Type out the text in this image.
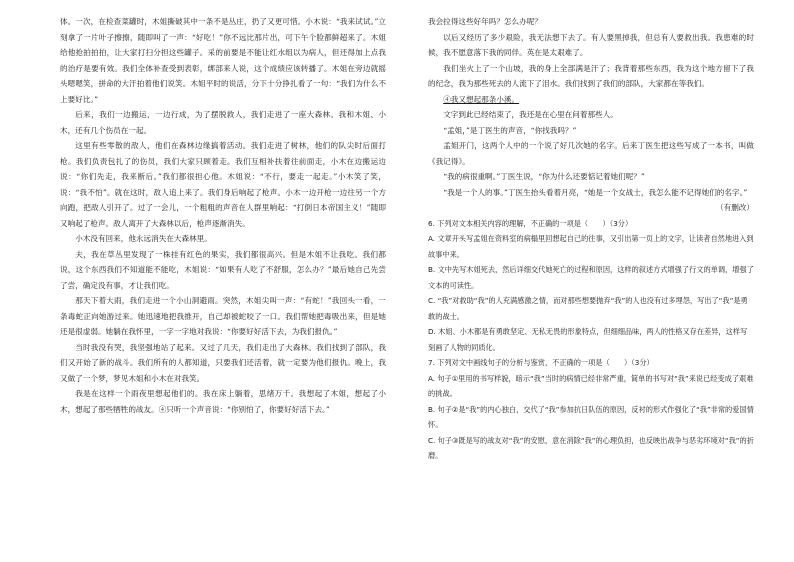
体。一次，在检查菜罐时，木姐撕破其中一条不是丛庄，扔了又更可惜。小木说：“我来试试。”立刻拿了一片叶子擦擦，随即叫了一声：“好吃！”你不远比那片出，可下午个脸都鲜超来了。木姐给他抢拍拍拍，让大家打扫分担这些罐子。采的前要是不能让红水组以为病人，但还得加上点我的治疗是要有效。我们全体补查受到表彰，绑部来人说，这个成绩应该转播了。木姐在旁边就摇头嗯嗯笑，拼命的大汗拍着他们说笑。木姐平时的说活，分下十分挣扎看了一句：“我们为什么不上要好比。”

后来，我们一边搬运，一边行成，为了摆脱救人，我们走进了一座大森林。我和木姐、小木，还有几个伤员在一起。

这里有些零散的敌人，他们在森林边缘搞着活动。我们走进了树林，他们的队尖时后面打枪。我们负责包扎了的伤员，我们大家只顾着走。我们互相补扶着往前面走，小木在边搬运边说：“你们先走，我来断后。”我们都很担心他。木姐说：“不行，要走一起走。”小木笑了笑，说：“我不怕”。就在这时，敌人追上来了。我们身后响起了枪声。小木一边开枪一边往另一个方向跑，把敌人引开了。过了一会儿，一个粗粗的声音在人群里响起：“打倒日本帝国主义！”随即又响起了枪声。敌人离开了大森林以后，枪声逐渐消失。

小木没有回来，他永远消失在大森林里。

夫，我在草丛里发现了一株挂有红色的果实，我们都很高兴。但是木姐不让我吃。我们都说，这个东西我们不知道能不能吃，木姐说：“如果有人吃了不舒服，怎么办？”最后她自己先尝了尝，确定没有事，才让我们吃。

那天下着大雨，我们走进一个小山洞避雨。突然，木姐尖叫一声：“有蛇！”我回头一看，一条毒蛇正向她游过来。她迅速地把我推开，自己却被蛇咬了一口。我们帮她把毒吸出来，但是她还是很虚弱。她躺在我怀里，一字一字地对我说：“你要好好活下去，为我们报仇。”

当时我没有哭，我坚强地站了起来。又过了几天，我们走出了大森林。我们找到了部队，我们又开始了新的战斗。我们所有的人都知道，只要我们还活着，就一定要为他们报仇。晚上，我又做了一个梦，梦见木姐和小木在对我笑。

我是在这样一个雨夜里想起他们的。我在床上躺着，思绪万千。我想起了木姐，想起了小木，想起了那些牺牲的战友。④只听一个声音说：“你别怕了，你要好好活下去。”

我会拉得这些好年吗？怎么办呢？

以后又经历了多少艰险，我无法想下去了。有人要黑掉我，但总有人要救出我。我患难的时候，我不愿意落下我的同伴。英在是太艰难了。

我们坐火上了一个山坡，我的身上全部满是汗了；我背着那些东西，我为这个地方留下了我的纪念，我为那些死去的人流下了泪水。我们找到了我们的部队，大家都在等我们。

④我又想起那条小溪。

文字到此已经结束了，我还是在心里在问着那些人。

“孟姐，”是丁医生的声音，“你找我吗？”

孟姐开门，这两个人中的一个说了好几次她的名字。后来丁医生把这些写成了一本书，叫做《我记得》。

“我的病很重啊。”丁医生说，“你为什么还要惦记着她们呢？”

“我是一个人的事。”丁医生抬头看着月亮，“她是一个女战士，我怎么能不记得她们的名字。”

（有删改）

6. 下列对文本相关内容的理解，不正确的一项是（　　）（3分）

A. 文章开头写孟姐在资料室的病榻里回想起自己的往事，又引出第一页上的文字，让读者自然地进入到故事中来。

B. 文中先写木姐死去，然后详细交代她死亡的过程和原因，这样的叙述方式增强了行文的单调，增强了文本的可读性。

C. “我”对救助“我”的人充满感激之情，而对那些想要抛弃“我”的人也没有过多埋怨，写出了“我”是勇敢的战士。

D. 木姐、小木都是有勇敢坚定、无私无畏的形象特点，但细细品味，两人的性格又存在差异，这样写刻画了人物的同质化。

7. 下列对文中画线句子的分析与鉴赏，不正确的一项是（　　）（3分）

A. 句子①里用的书写样貌，暗示“我”当时的病情已经非常严重，简单的书写对“我”来说已经变成了艰难的挑战。

B. 句子②是“我”的内心独白，交代了“我”参加抗日队伍的原因，反衬的形式作强化了“我”非常的爱国情怀。

C. 句子③既是写的战友对“我”的安慰，意在消除“我”的心理负担，也反映出战争与恶劣环境对“我”的折磨。
